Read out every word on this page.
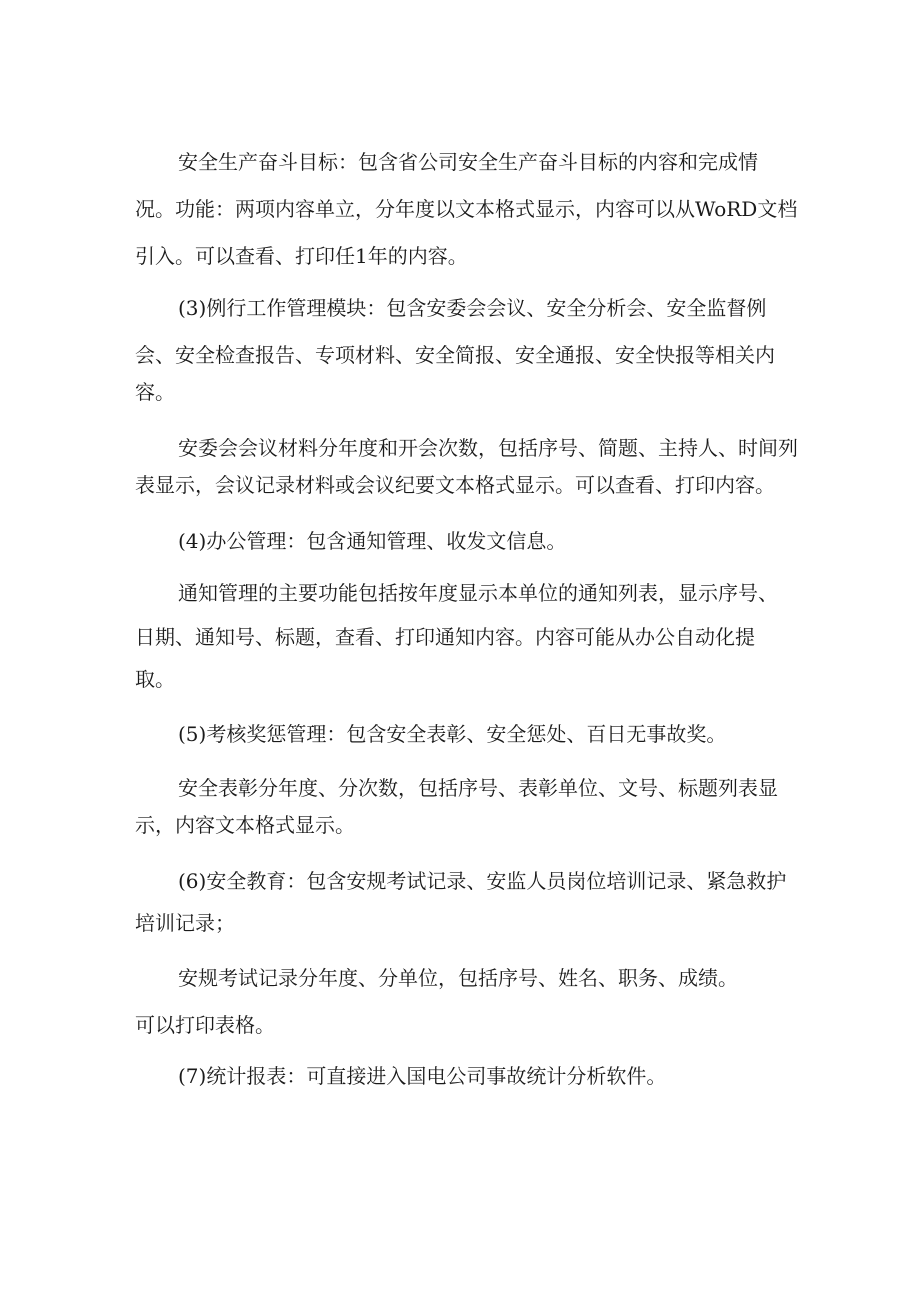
安全生产奋斗目标：包含省公司安全生产奋斗目标的内容和完成情

况。功能：两项内容单立，分年度以文本格式显示，内容可以从WoRD文档

引入。可以查看、打印任1年的内容。

(3)例行工作管理模块：包含安委会会议、安全分析会、安全监督例

会、安全检查报告、专项材料、安全简报、安全通报、安全快报等相关内

容。

安委会会议材料分年度和开会次数，包括序号、简题、主持人、时间列

表显示，会议记录材料或会议纪要文本格式显示。可以查看、打印内容。

(4)办公管理：包含通知管理、收发文信息。

通知管理的主要功能包括按年度显示本单位的通知列表，显示序号、

日期、通知号、标题，查看、打印通知内容。内容可能从办公自动化提

取。

(5)考核奖惩管理：包含安全表彰、安全惩处、百日无事故奖。

安全表彰分年度、分次数，包括序号、表彰单位、文号、标题列表显

示，内容文本格式显示。

(6)安全教育：包含安规考试记录、安监人员岗位培训记录、紧急救护

培训记录；

安规考试记录分年度、分单位，包括序号、姓名、职务、成绩。

可以打印表格。

(7)统计报表：可直接进入国电公司事故统计分析软件。
